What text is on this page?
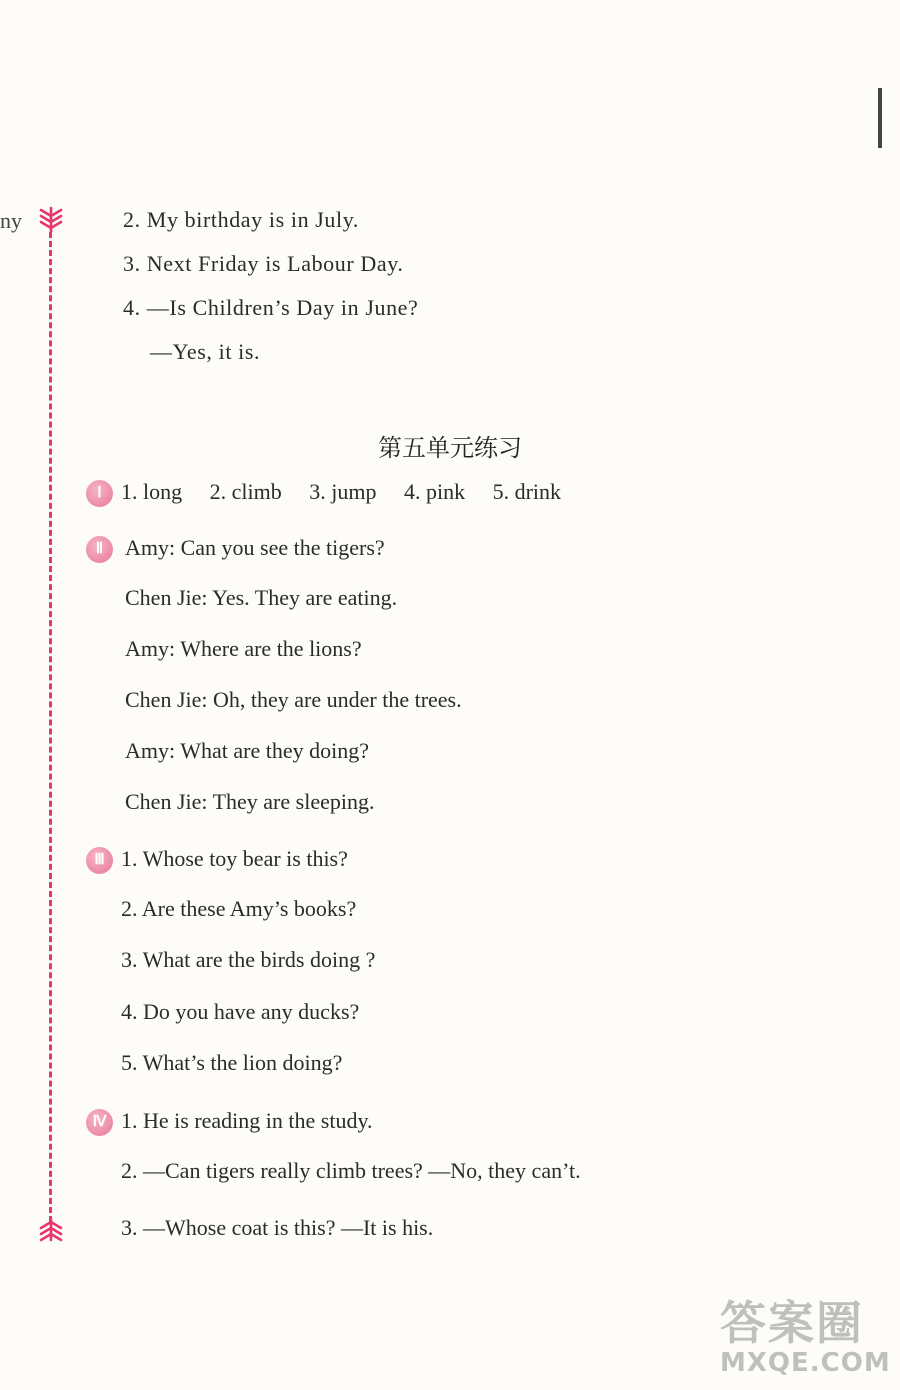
ny	2. My birthday is in July.
3. Next Friday is Labour Day.
4. —Is Children’s Day in June?
—Yes, it is.
第五单元练习
Ⅰ 1. long 2. climb 3. jump 4. pink 5. drink
Ⅱ Amy: Can you see the tigers?
Chen Jie: Yes. They are eating.
Amy: Where are the lions?
Chen Jie: Oh, they are under the trees.
Amy: What are they doing?
Chen Jie: They are sleeping.
Ⅲ 1. Whose toy bear is this?
2. Are these Amy’s books?
3. What are the birds doing ?
4. Do you have any ducks?
5. What’s the lion doing?
Ⅳ 1. He is reading in the study.
2. —Can tigers really climb trees? —No, they can’t.
3. —Whose coat is this? —It is his.
答案圈
MXQE.COM
